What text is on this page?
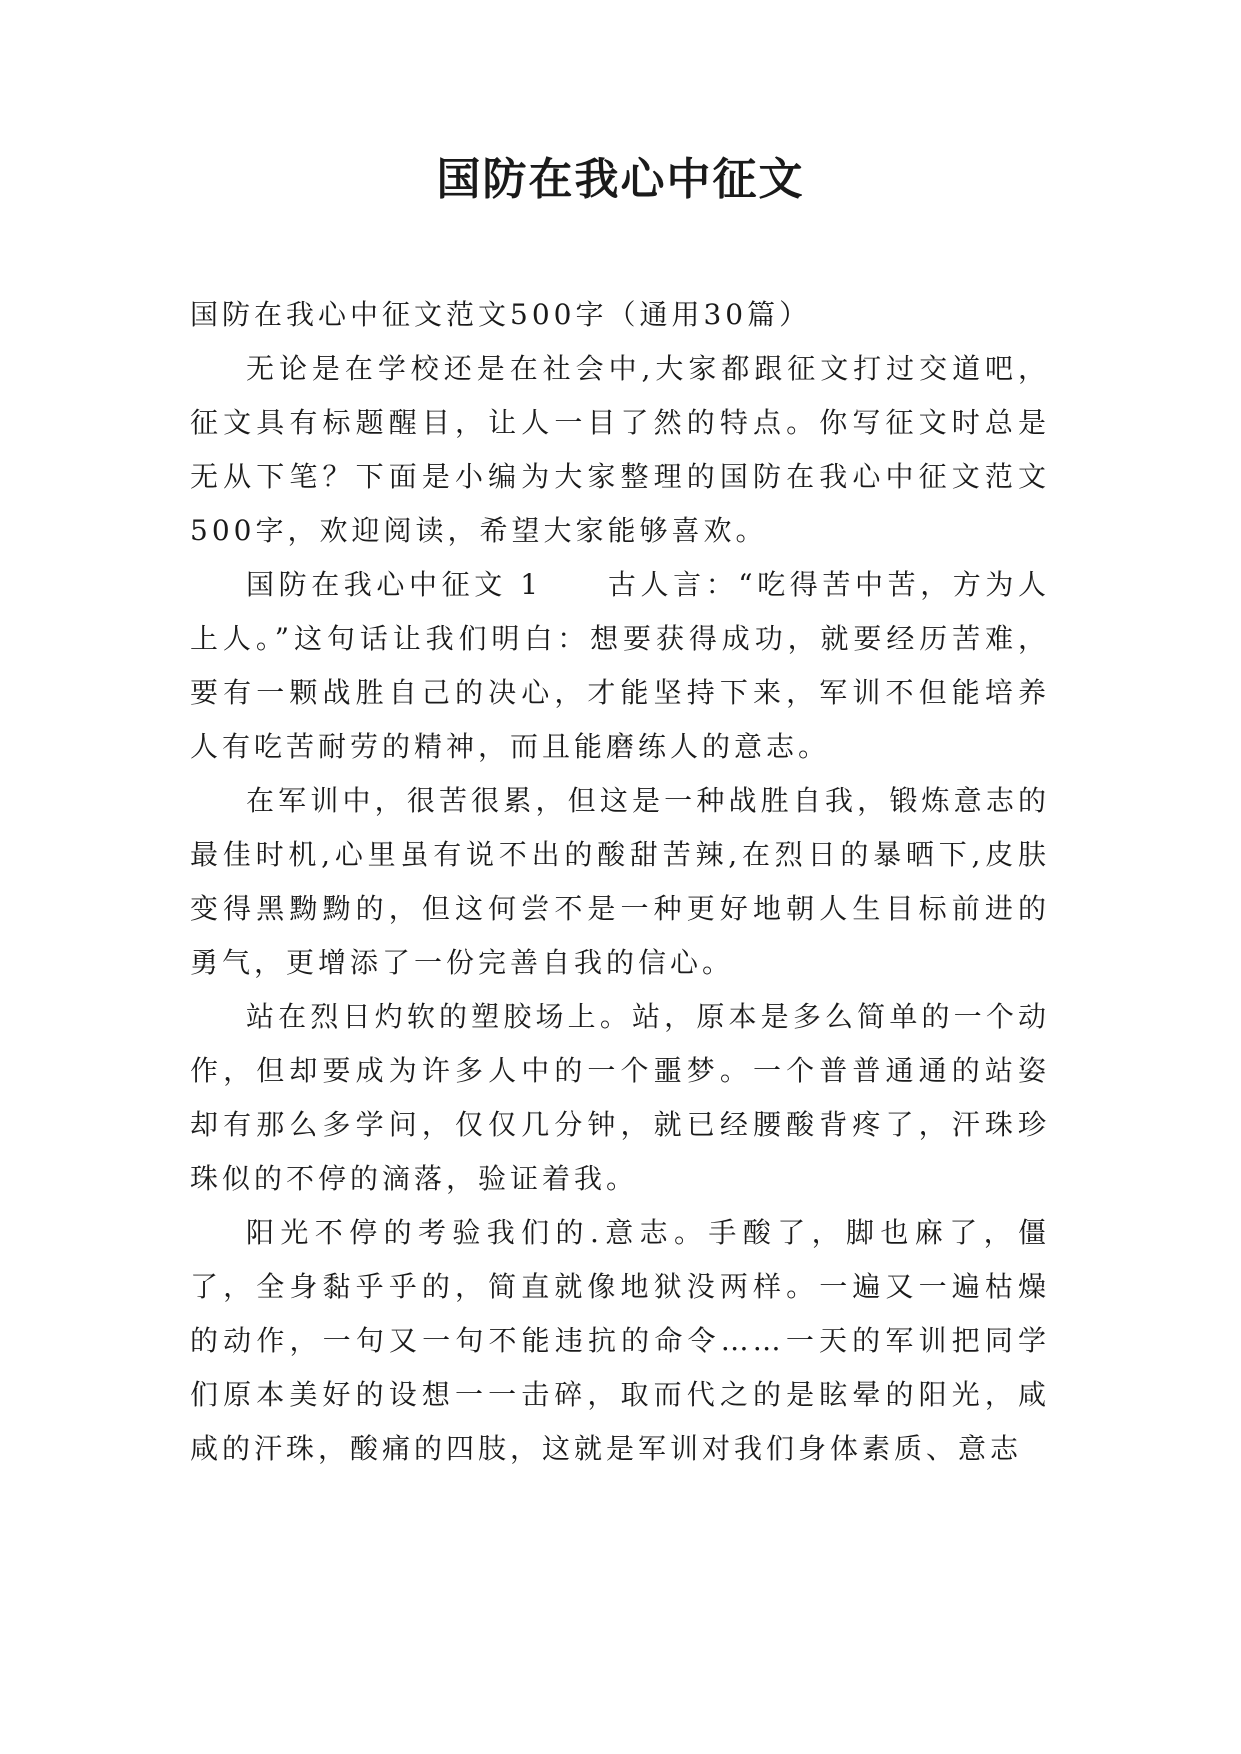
国防在我心中征文

国防在我心中征文范文500字（通用30篇）

无论是在学校还是在社会中,大家都跟征文打过交道吧，征文具有标题醒目，让人一目了然的特点。你写征文时总是无从下笔？下面是小编为大家整理的国防在我心中征文范文500字，欢迎阅读，希望大家能够喜欢。

国防在我心中征文 1　　古人言：“吃得苦中苦，方为人上人。”这句话让我们明白：想要获得成功，就要经历苦难，要有一颗战胜自己的决心，才能坚持下来，军训不但能培养人有吃苦耐劳的精神，而且能磨练人的意志。

在军训中，很苦很累，但这是一种战胜自我，锻炼意志的最佳时机,心里虽有说不出的酸甜苦辣,在烈日的暴晒下,皮肤变得黑黝黝的，但这何尝不是一种更好地朝人生目标前进的勇气，更增添了一份完善自我的信心。

站在烈日灼软的塑胶场上。站，原本是多么简单的一个动作，但却要成为许多人中的一个噩梦。一个普普通通的站姿却有那么多学问，仅仅几分钟，就已经腰酸背疼了，汗珠珍珠似的不停的滴落，验证着我。

阳光不停的考验我们的.意志。手酸了，脚也麻了，僵了，全身黏乎乎的，简直就像地狱没两样。一遍又一遍枯燥的动作，一句又一句不能违抗的命令……一天的军训把同学们原本美好的设想一一击碎，取而代之的是眩晕的阳光，咸咸的汗珠，酸痛的四肢，这就是军训对我们身体素质、意志
